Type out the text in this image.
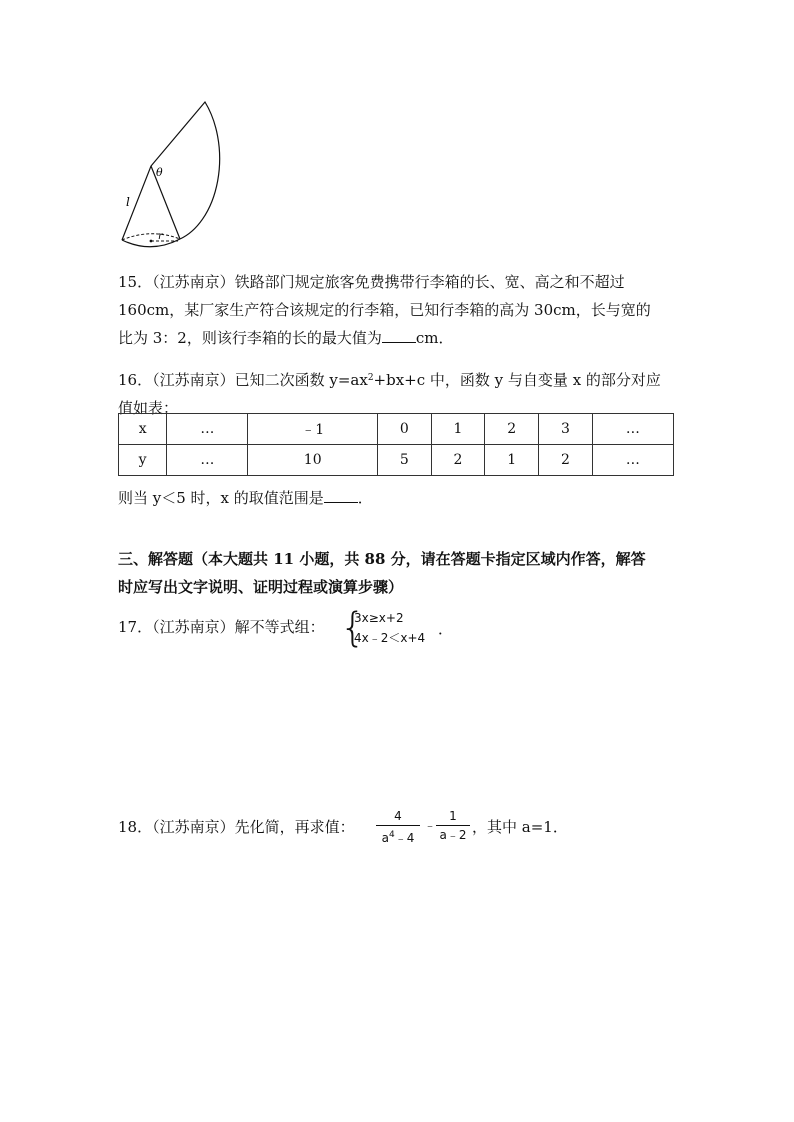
θ
l
r
15．（江苏南京）铁路部门规定旅客免费携带行李箱的长、宽、高之和不超过
160cm，某厂家生产符合该规定的行李箱，已知行李箱的高为 30cm，长与宽的
比为 3：2，则该行李箱的长的最大值为 cm．
16．（江苏南京）已知二次函数 $y=ax^2+bx+c$ 中，函数 y 与自变量 x 的部分对应
值如表：
x	…	﹣1	0	1	2	3	…
y	…	10	5	2	1	2	…
则当 y＜5 时，x 的取值范围是 ．
三、解答题（本大题共 11 小题，共 88 分，请在答题卡指定区域内作答，解答
时应写出文字说明、证明过程或演算步骤）
17．（江苏南京）解不等式组： {
3x≥x+2
4x﹣2＜x+4 ．
18．（江苏南京）先化简，再求值：
4
$a^4﹣4$
﹣
1
a﹣2 ，其中 a=1．
